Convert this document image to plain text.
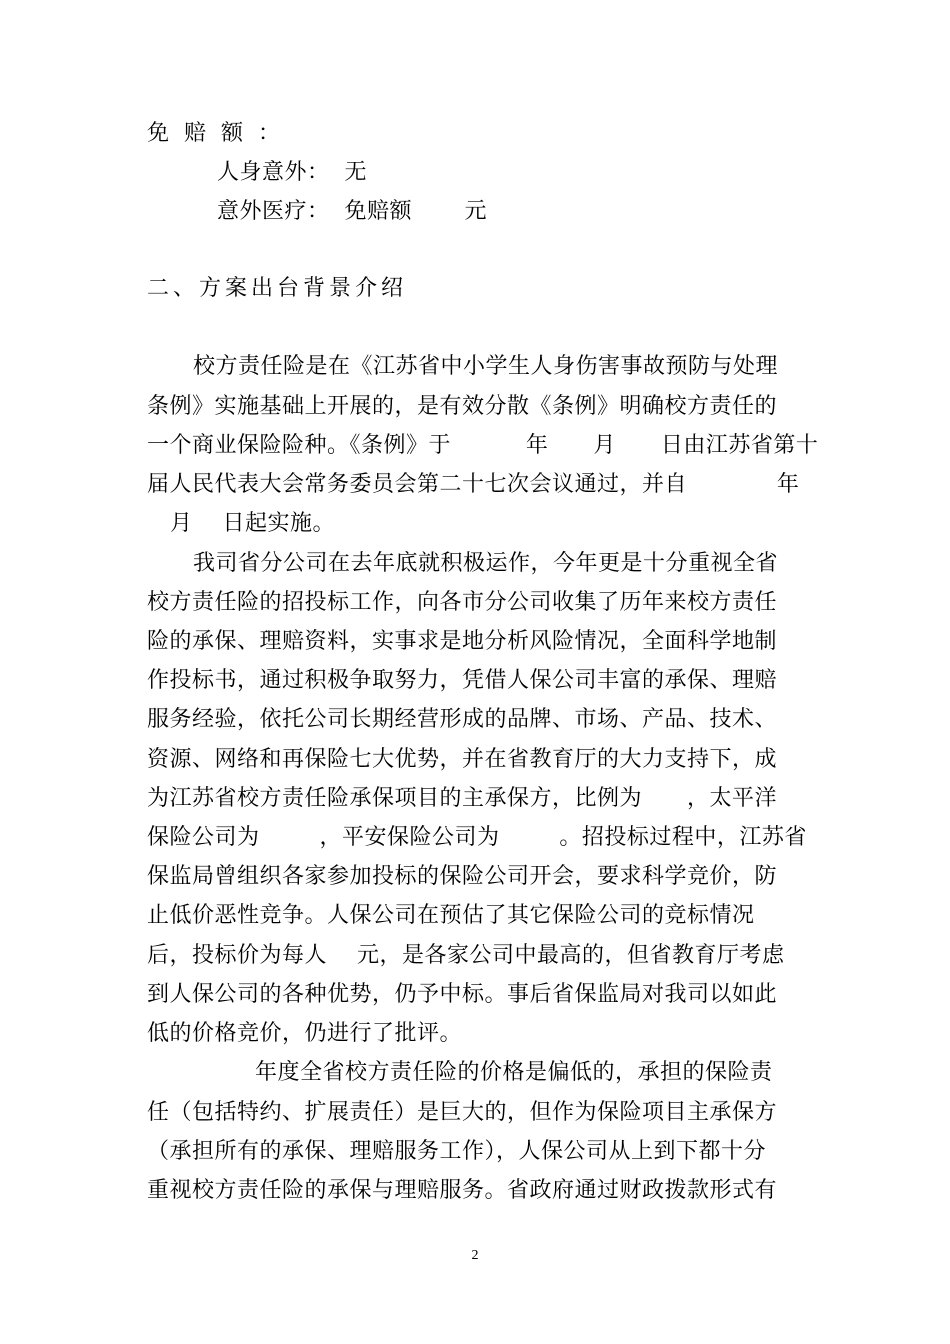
免 赔 额 ：
人身意外：  无
意外医疗：  免赔额       元
二、方案出台背景介绍
校方责任险是在《江苏省中小学生人身伤害事故预防与处理
条例》实施基础上开展的，是有效分散《条例》明确校方责任的
一个商业保险险种。《条例》于          年      月      日由江苏省第十
届人民代表大会常务委员会第二十七次会议通过，并自            年
月    日起实施。
我司省分公司在去年底就积极运作，今年更是十分重视全省
校方责任险的招投标工作，向各市分公司收集了历年来校方责任
险的承保、理赔资料，实事求是地分析风险情况，全面科学地制
作投标书，通过积极争取努力，凭借人保公司丰富的承保、理赔
服务经验，依托公司长期经营形成的品牌、市场、产品、技术、
资源、网络和再保险七大优势，并在省教育厅的大力支持下，成
为江苏省校方责任险承保项目的主承保方，比例为      ，太平洋
保险公司为        ，平安保险公司为        。招投标过程中，江苏省
保监局曾组织各家参加投标的保险公司开会，要求科学竞价，防
止低价恶性竞争。人保公司在预估了其它保险公司的竞标情况
后，投标价为每人    元，是各家公司中最高的，但省教育厅考虑
到人保公司的各种优势，仍予中标。事后省保监局对我司以如此
低的价格竞价，仍进行了批评。
年度全省校方责任险的价格是偏低的，承担的保险责
任（包括特约、扩展责任）是巨大的，但作为保险项目主承保方
（承担所有的承保、理赔服务工作），人保公司从上到下都十分
重视校方责任险的承保与理赔服务。省政府通过财政拨款形式有
2
